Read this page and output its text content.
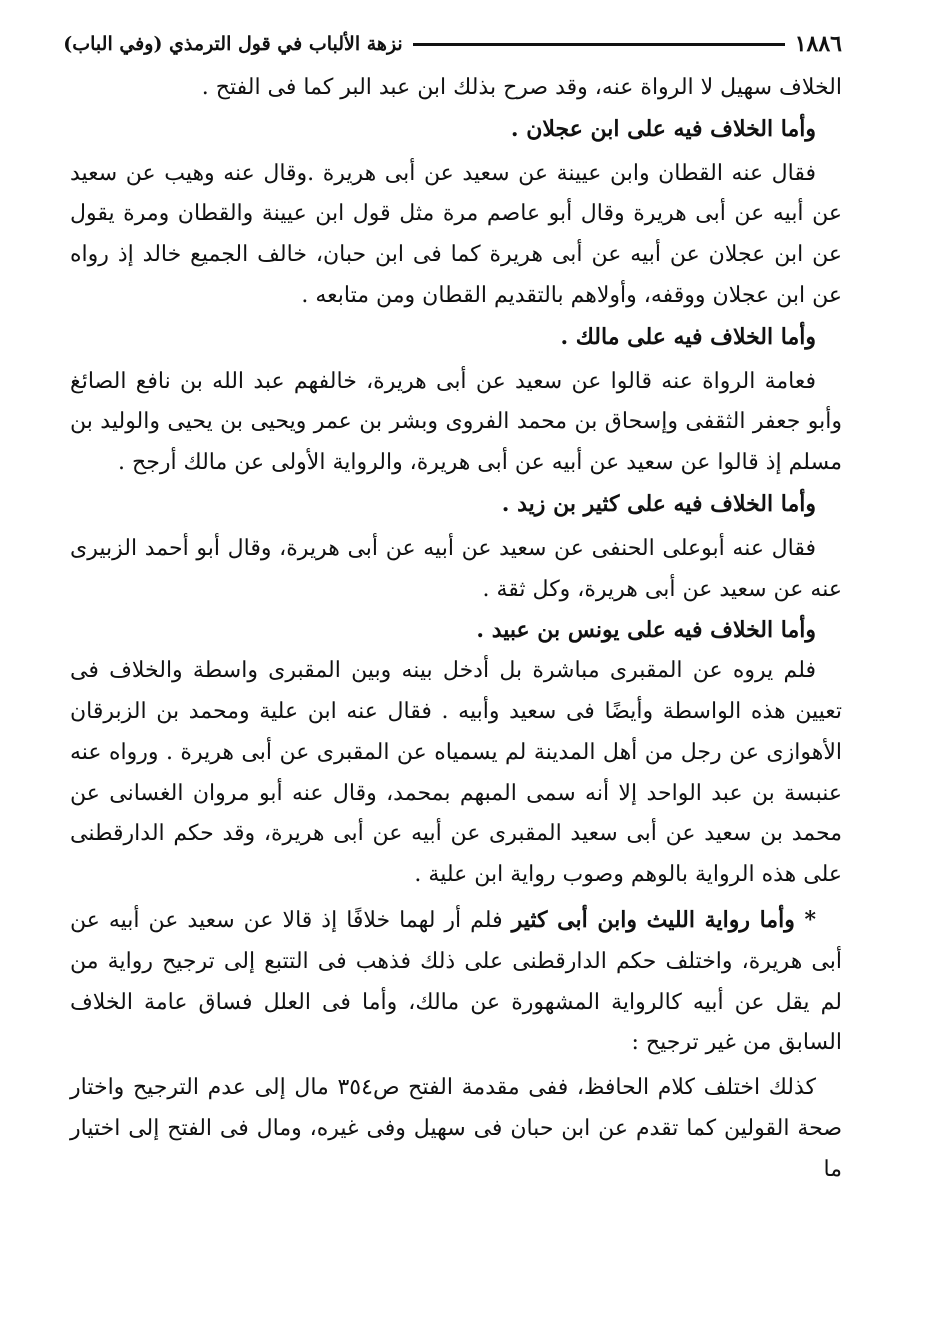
١٨٨٦
نزهة الألباب في قول الترمذي (وفي الباب)

الخلاف سهيل لا الرواة عنه، وقد صرح بذلك ابن عبد البر كما فى الفتح .

وأما الخلاف فيه على ابن عجلان .

فقال عنه القطان وابن عيينة عن سعيد عن أبى هريرة .وقال عنه وهيب عن سعيد عن أبيه عن أبى هريرة وقال أبو عاصم مرة مثل قول ابن عيينة والقطان ومرة يقول عن ابن عجلان عن أبيه عن أبى هريرة كما فى ابن حبان، خالف الجميع خالد إذ رواه عن ابن عجلان ووقفه، وأولاهم بالتقديم القطان ومن متابعه .

وأما الخلاف فيه على مالك .

فعامة الرواة عنه قالوا عن سعيد عن أبى هريرة، خالفهم عبد الله بن نافع الصائغ وأبو جعفر الثقفى وإسحاق بن محمد الفروى وبشر بن عمر ويحيى بن يحيى والوليد بن مسلم إذ قالوا عن سعيد عن أبيه عن أبى هريرة، والرواية الأولى عن مالك أرجح .

وأما الخلاف فيه على كثير بن زيد .

فقال عنه أبوعلى الحنفى عن سعيد عن أبيه عن أبى هريرة، وقال أبو أحمد الزبيرى عنه عن سعيد عن أبى هريرة، وكل ثقة .

وأما الخلاف فيه على يونس بن عبيد .

فلم يروه عن المقبرى مباشرة بل أدخل بينه وبين المقبرى واسطة والخلاف فى تعيين هذه الواسطة وأيضًا فى سعيد وأبيه . فقال عنه ابن علية ومحمد بن الزبرقان الأهوازى عن رجل من أهل المدينة لم يسمياه عن المقبرى عن أبى هريرة . ورواه عنه عنبسة بن عبد الواحد إلا أنه سمى المبهم بمحمد، وقال عنه أبو مروان الغسانى عن محمد بن سعيد عن أبى سعيد المقبرى عن أبيه عن أبى هريرة، وقد حكم الدارقطنى على هذه الرواية بالوهم وصوب رواية ابن علية .

* وأما رواية الليث وابن أبى كثير فلم أر لهما خلافًا إذ قالا عن سعيد عن أبيه عن أبى هريرة، واختلف حكم الدارقطنى على ذلك فذهب فى التتبع إلى ترجيح رواية من لم يقل عن أبيه كالرواية المشهورة عن مالك، وأما فى العلل فساق عامة الخلاف السابق من غير ترجيح :

كذلك اختلف كلام الحافظ، ففى مقدمة الفتح ص٣٥٤ مال إلى عدم الترجيح واختار صحة القولين كما تقدم عن ابن حبان فى سهيل وفى غيره، ومال فى الفتح إلى اختيار ما
